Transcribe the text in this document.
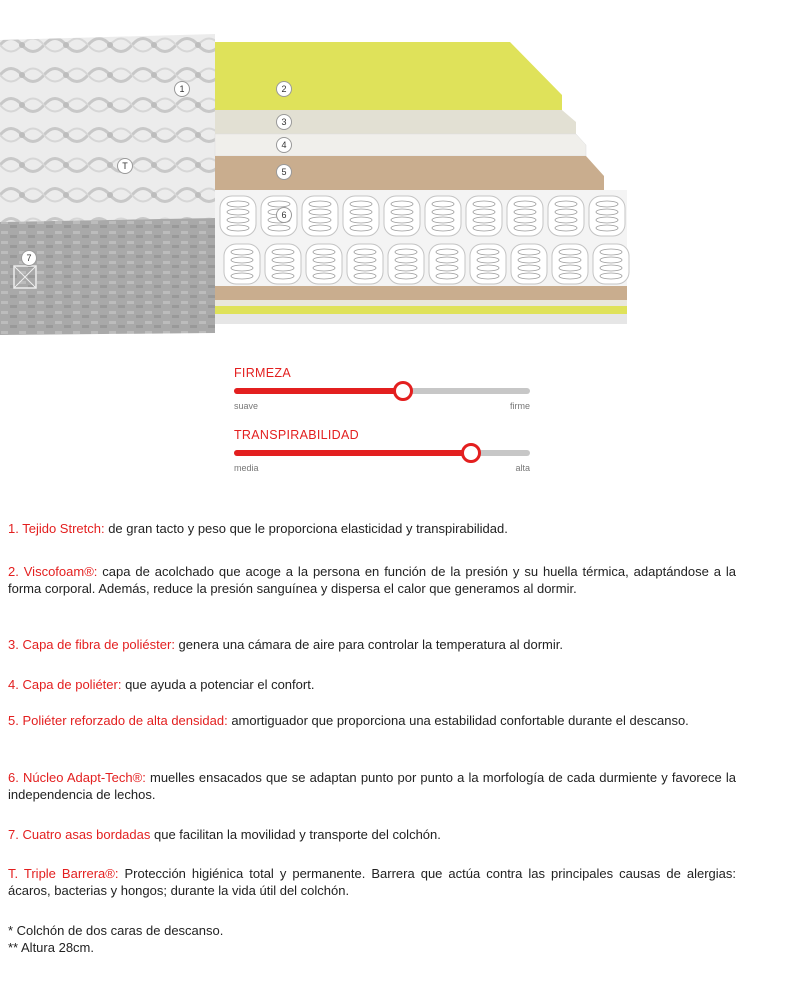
1	2
3
4
5
6
7
T
FIRMEZA
suave	firme
TRANSPIRABILIDAD
media	alta
1. Tejido Stretch: de gran tacto y peso que le proporciona elasticidad y transpirabilidad.
2. Viscofoam®: capa de acolchado que acoge a la persona en función de la presión y su huella térmica, adaptándose a la forma corporal. Además, reduce la presión sanguínea y dispersa el calor que generamos al dormir.
3. Capa de fibra de poliéster: genera una cámara de aire para controlar la temperatura al dormir.
4. Capa de poliéter: que ayuda a potenciar el confort.
5. Poliéter reforzado de alta densidad: amortiguador que proporciona una estabilidad confortable durante el descanso.
6. Núcleo Adapt-Tech®: muelles ensacados que se adaptan punto por punto a la morfología de cada durmiente y favorece la independencia de lechos.
7. Cuatro asas bordadas que facilitan la movilidad y transporte del colchón.
T. Triple Barrera®: Protección higiénica total y permanente. Barrera que actúa contra las principales causas de alergias: ácaros, bacterias y hongos; durante la vida útil del colchón.
* Colchón de dos caras de descanso.
** Altura 28cm.
